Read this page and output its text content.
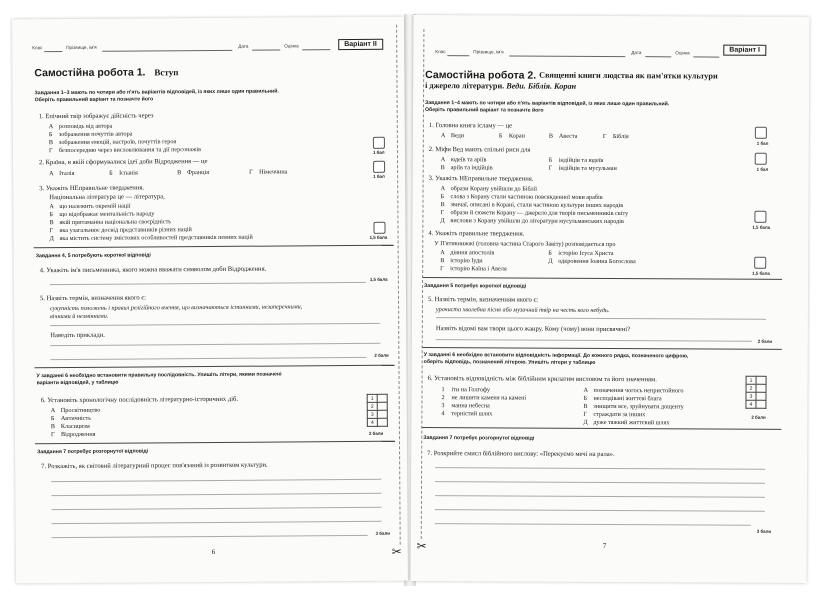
Клас	Прізвище, ім'я	Дата	Оцінка	Варіант II
Самостійна робота 1. Вступ
Завдання 1–3 мають по чотири або п'ять варіантів відповідей, із яких лише один правильний.
Оберіть правильний варіант та позначте його
1. Епічний твір зображує дійсність через
А розповідь від автора
Б зображення почуттів автора
В зображення емоцій, настроїв, почуттів героя
Г безпосередню через висловлювання та дії персонажів	1 бал
2. Країна, в якій сформувалися ідеї доби Відродження — це
А Італія	Б Іспанія	В Франція	Г Німеччина
1 бал
3. Укажіть НЕправильне твердження.
Національна література це — література,
А що належить окремій нації
Б що відображає ментальність народу
В якій притаманна національна своєрідність
Г яка узагальнює досвід представників різних націй
Д яка містить систему змістових особливостей представників певних націй	1,5 бала
Завдання 4, 5 потребують короткої відповіді
4. Укажіть ім'я письменника, якого можна вважати символом доби Відродження.
1,5 бала
5. Назвіть термін, визначення якого є:
сукупність положень і правил релігійного вчення, що визначаються істинними, незаперечними,
вічними й незмінними.
Наведіть приклади.
2 бали
У завданні 6 необхідно встановити правильну послідовність. Упишіть літери, якими позначені
варіанти відповідей, у таблицю
6. Установіть хронологічну послідовність літературно-історичних діб.
А Просвітництво
Б Античність
В Класицизм
Г Відродження
1	
2	
3	
4	
2 бали
Завдання 7 потребує розгорнутої відповіді
7. Розкажіть, як світовий літературний процес пов'язаний із розвитком культури.
3 бали
6	✂
Клас	Прізвище, ім'я	Дата	Оцінка	Варіант I
Самостійна робота 2. Священні книги людства як пам'ятки культури
і джерело літератури. Веди. Біблія. Коран
Завдання 1–4 мають по чотири або п'ять варіантів відповідей, із яких лише один правильний.
Оберіть правильний варіант та позначте його
1. Головна книга ісламу — це
А Веди	Б Коран	В Авеста	Г Біблія
1 бал
2. Міфи Вед мають спільні риси для
А юдеїв та аріїв	Б індійців та юдеїв
В аріїв та індійців	Г індійців та мусульман	1 бал
3. Укажіть НЕправильне твердження.
А образи Корану увійшли до Біблії
Б слова з Корану стали частиною повсякденної мови арабів
В звичаї, описані в Корані, стали частиною культури інших народів
Г образи й сюжети Корану — джерело для творів письменників світу
Д вислови з Корану увійшли до літератури мусульманських народів
1,5 бала
4. Укажіть правильне твердження.
У П'ятикнижжі (головна частина Старого Завіту) розповідається про
А діяння апостолів
В історію Іуди
Б історію Ісуса Христа
Г історію Каїна і Авеля
Д одкровення Іоанна Богослова
1,5 бала
Завдання 5 потребує короткої відповіді
5. Назвіть термін, визначенням якого є:
урочиста хвалебна пісня або музичний твір на честь кого небудь.
Назвіть відомі вам твори цього жанру. Кому (чому) вони присвячені?
2 бали
У завданні 6 необхідно встановити відповідність інформації. До кожного рядка, позначеного цифрою,
оберіть відповідь, позначений літерою. Упишіть літери у таблицю
6. Установіть відповідність між біблійним крилатим висловом та його значенням.
1 іти на Голгофу
2 не лишити каменя на камені
3 манна небесна
4 терністий шлях
А позначення чогось непристойного
Б несподівані життєві блага
В знищити все, зруйнувати дощенту
Г страждати за інших
Д дуже тяжкий життєвий шлях
1	
2	
3	
4	
2 бали
Завдання 7 потребує розгорнутої відповіді
7. Розкрийте смисл біблійного вислову: «Перекуємо мечі на рала».
3 бали
7
✂
